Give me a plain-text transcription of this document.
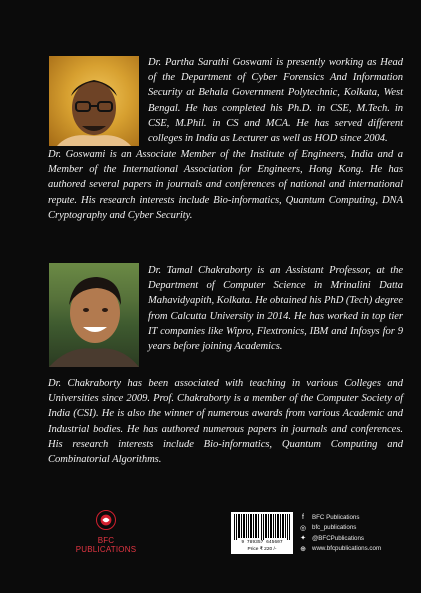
Dr. Partha Sarathi Goswami is presently working as Head of the Department of Cyber Forensics And Information Security at Behala Government Polytechnic, Kolkata, West Bengal. He has completed his Ph.D. in CSE, M.Tech. in CSE, M.Phil. in CS and MCA. He has served different colleges in India as Lecturer as well as HOD since 2004.

Dr. Goswami is an Associate Member of the Institute of Engineers, India and a Member of the International Association for Engineers, Hong Kong. He has authored several papers in journals and conferences of national and international repute. His research interests include Bio-informatics, Quantum Computing, DNA Cryptography and Cyber Security.

Dr. Tamal Chakraborty is an Assistant Professor, at the Department of Computer Science in Mrinalini Datta Mahavidyapith, Kolkata. He obtained his PhD (Tech) degree from Calcutta University in 2014. He has worked in top tier IT companies like Wipro, Flextronics, IBM and Infosys for 9 years before joining Academics.

Dr. Chakraborty has been associated with teaching in various Colleges and Universities since 2009. Prof. Chakraborty is a member of the Computer Society of India (CSI). He is also the winner of numerous awards from various Academic and Industrial bodies. He has authored numerous papers in journals and conferences. His research interests include Bio-informatics, Quantum Computing and Combinatorial Algorithms.

BFC PUBLICATIONS
9 789357 645607
Price ₹ 220 /-
f	BFC Publications
◎ bfc_publications
✦ @BFCPublications
⊕ www.bfcpublications.com
